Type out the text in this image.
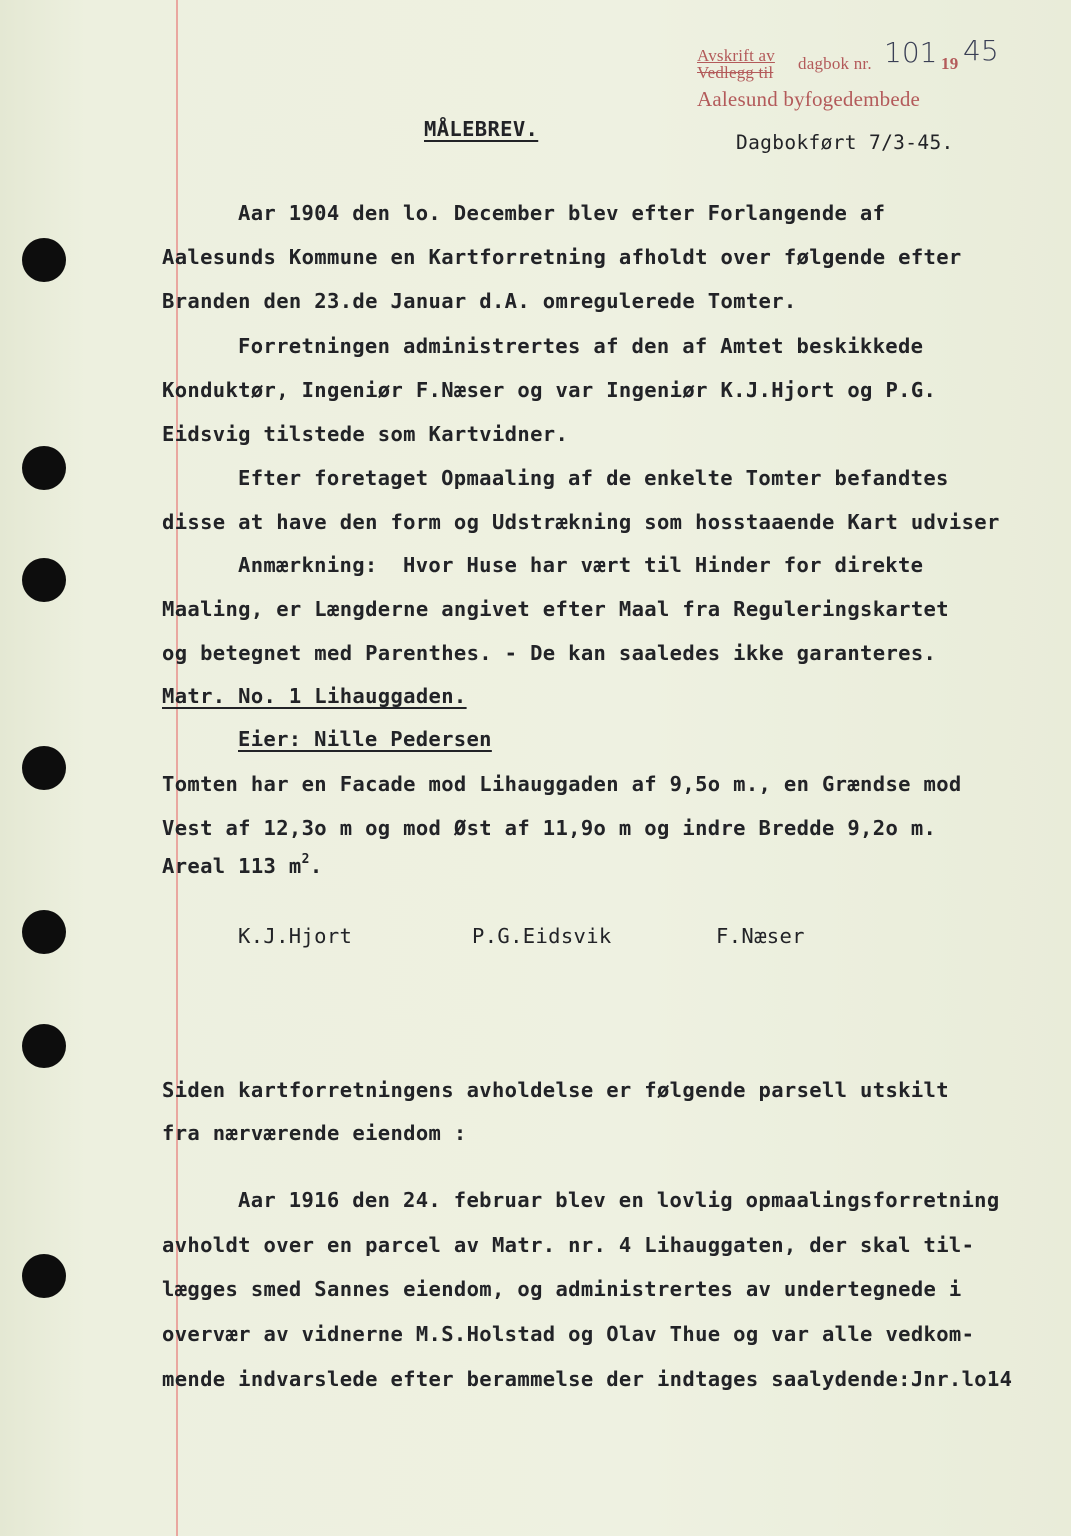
Avskrift av
Vedlegg til dagbok nr. 101 19 45
Aalesund byfogedembede
Dagbokført 7/3-45.
MÅLEBREV.
Aar 1904 den lo. December blev efter Forlangende af
Aalesunds Kommune en Kartforretning afholdt over følgende efter
Branden den 23.de Januar d.A. omregulerede Tomter.
Forretningen administrertes af den af Amtet beskikkede
Konduktør, Ingeniør F.Næser og var Ingeniør K.J.Hjort og P.G.
Eidsvig tilstede som Kartvidner.
Efter foretaget Opmaaling af de enkelte Tomter befandtes
disse at have den form og Udstrækning som hosstaaende Kart udviser
Anmærkning:  Hvor Huse har vært til Hinder for direkte
Maaling, er Længderne angivet efter Maal fra Reguleringskartet
og betegnet med Parenthes. - De kan saaledes ikke garanteres.
Matr. No. 1 Lihauggaden.
Eier: Nille Pedersen
Tomten har en Facade mod Lihauggaden af 9,5o m., en Grændse mod
Vest af 12,3o m og mod Øst af 11,9o m og indre Bredde 9,2o m.
Areal 113 $m^2$.
K.J.Hjort	P.G.Eidsvik	F.Næser
Siden kartforretningens avholdelse er følgende parsell utskilt
fra nærværende eiendom :
Aar 1916 den 24. februar blev en lovlig opmaalingsforretning
avholdt over en parcel av Matr. nr. 4 Lihauggaten, der skal til-
lægges smed Sannes eiendom, og administrertes av undertegnede i
overvær av vidnerne M.S.Holstad og Olav Thue og var alle vedkom-
mende indvarslede efter berammelse der indtages saalydende:Jnr.lo14
